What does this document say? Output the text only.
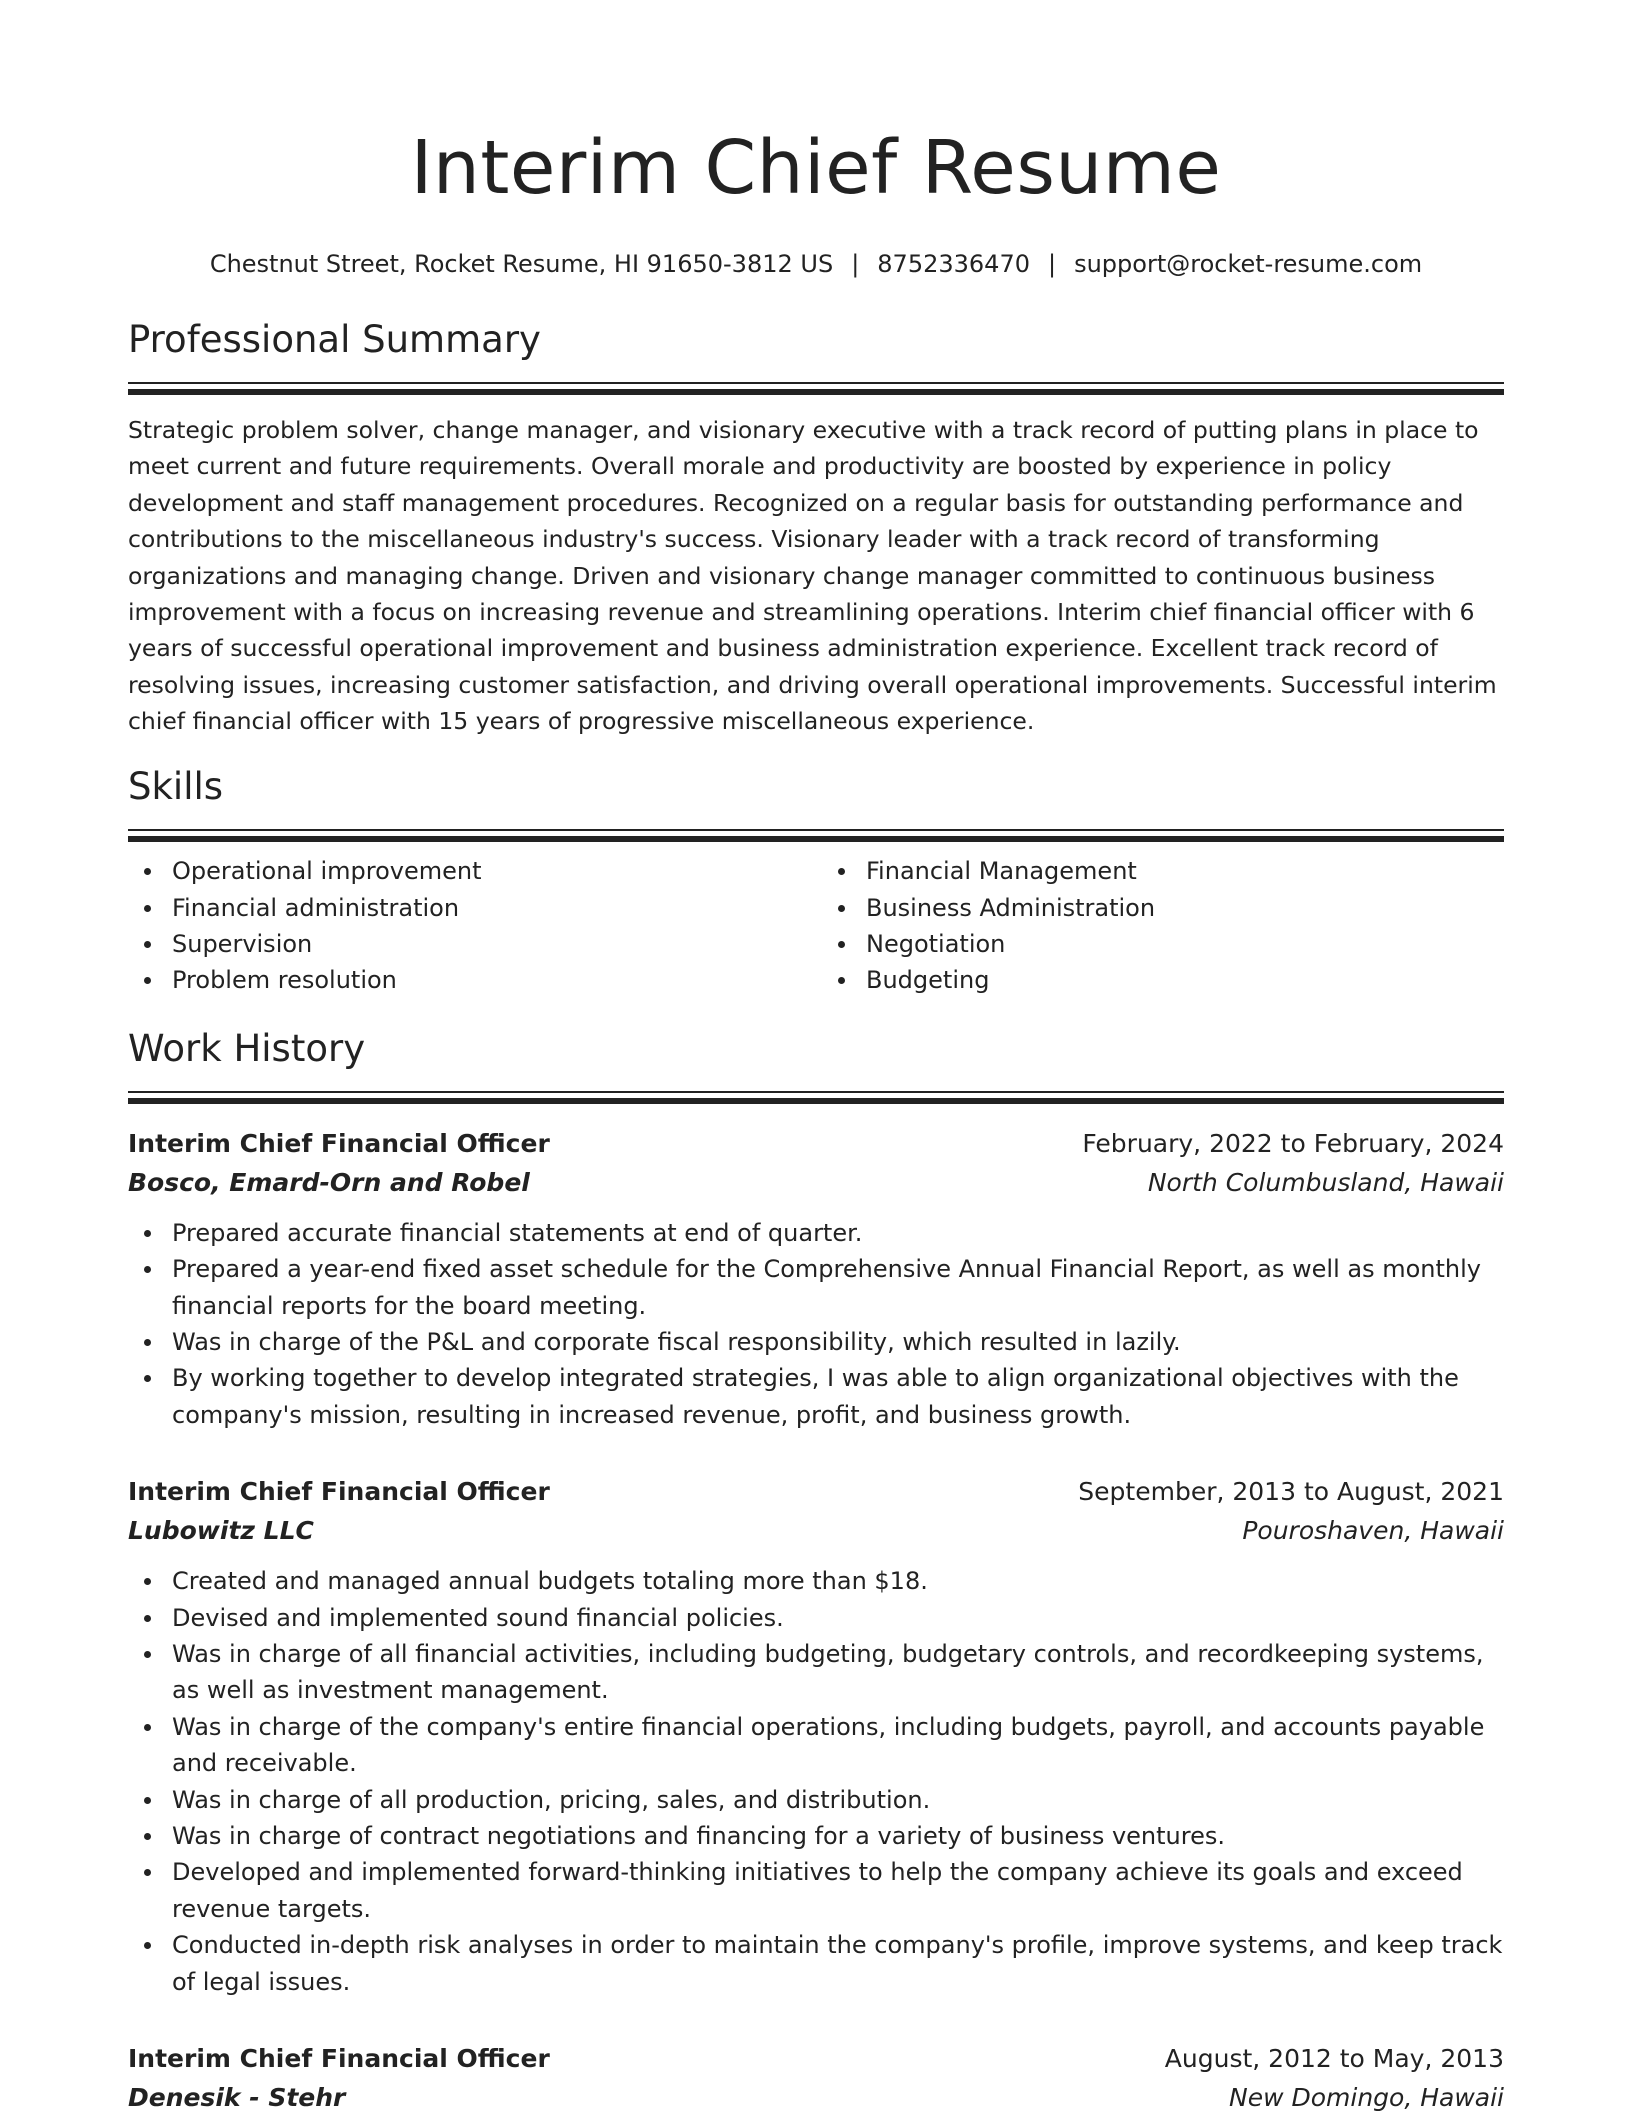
Interim Chief Resume
Chestnut Street, Rocket Resume, HI 91650-3812 US | 8752336470 | support@rocket-resume.com
Professional Summary

Strategic problem solver, change manager, and visionary executive with a track record of putting plans in place to meet current and future requirements. Overall morale and productivity are boosted by experience in policy development and staff management procedures. Recognized on a regular basis for outstanding performance and contributions to the miscellaneous industry's success. Visionary leader with a track record of transforming organizations and managing change. Driven and visionary change manager committed to continuous business improvement with a focus on increasing revenue and streamlining operations. Interim chief financial officer with 6 years of successful operational improvement and business administration experience. Excellent track record of resolving issues, increasing customer satisfaction, and driving overall operational improvements. Successful interim chief financial officer with 15 years of progressive miscellaneous experience.

Skills
Operational improvement
Financial administration
Supervision
Problem resolution
Financial Management
Business Administration
Negotiation
Budgeting
Work History
Interim Chief Financial Officer	February, 2022 to February, 2024
Bosco, Emard-Orn and Robel	North Columbusland, Hawaii
Prepared accurate financial statements at end of quarter.
Prepared a year-end fixed asset schedule for the Comprehensive Annual Financial Report, as well as monthly financial reports for the board meeting.
Was in charge of the P&L and corporate fiscal responsibility, which resulted in lazily.
By working together to develop integrated strategies, I was able to align organizational objectives with the company's mission, resulting in increased revenue, profit, and business growth.
Interim Chief Financial Officer	September, 2013 to August, 2021
Lubowitz LLC	Pouroshaven, Hawaii
Created and managed annual budgets totaling more than $18.
Devised and implemented sound financial policies.
Was in charge of all financial activities, including budgeting, budgetary controls, and recordkeeping systems, as well as investment management.
Was in charge of the company's entire financial operations, including budgets, payroll, and accounts payable and receivable.
Was in charge of all production, pricing, sales, and distribution.
Was in charge of contract negotiations and financing for a variety of business ventures.
Developed and implemented forward-thinking initiatives to help the company achieve its goals and exceed revenue targets.
Conducted in-depth risk analyses in order to maintain the company's profile, improve systems, and keep track of legal issues.
Interim Chief Financial Officer	August, 2012 to May, 2013
Denesik - Stehr	New Domingo, Hawaii
